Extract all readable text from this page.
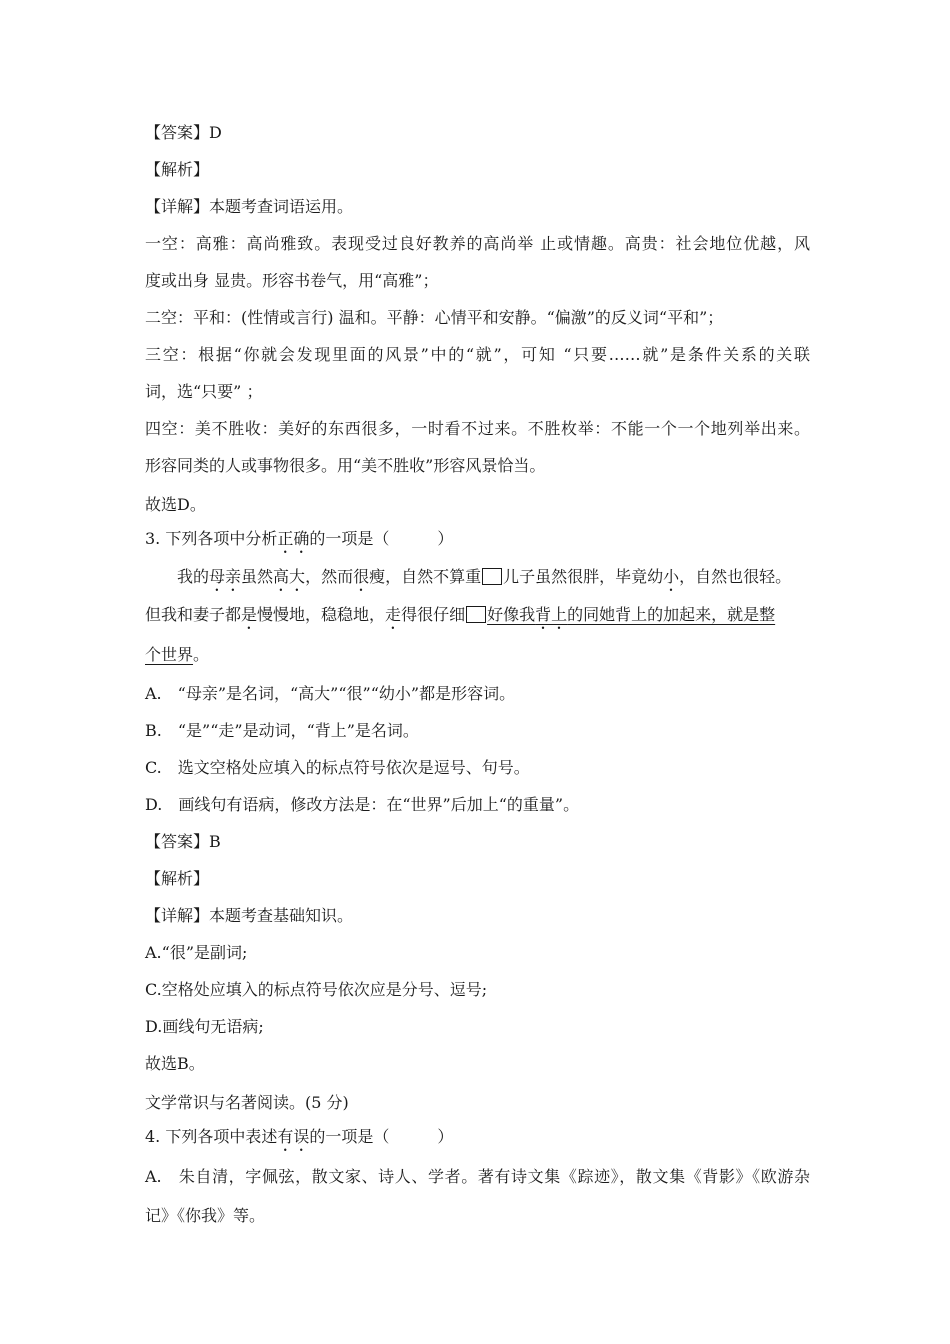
【答案】D
【解析】
【详解】本题考查词语运用。
一空：高雅：高尚雅致。表现受过良好教养的高尚举 止或情趣。高贵：社会地位优越，风
度或出身 显贵。形容书卷气，用“高雅”；
二空：平和：(性情或言行) 温和。平静：心情平和安静。“偏激”的反义词“平和”；
三空：根据“你就会发现里面的风景”中的“就”，可知 “只要……就”是条件关系的关联
词，选“只要” ；
四空：美不胜收：美好的东西很多，一时看不过来。不胜枚举：不能一个一个地列举出来。
形容同类的人或事物很多。用“美不胜收”形容风景恰当。
故选D。
3. 下列各项中分析正确的一项是（　　　）
我的母亲虽然高大，然而很瘦，自然不算重 儿子虽然很胖，毕竟幼小，自然也很轻。
但我和妻子都是慢慢地，稳稳地，走得很仔细 好像我背上的同她背上的加起来，就是整
个世界。
A.　“母亲”是名词，“高大”“很”“幼小”都是形容词。
B.　“是”“走”是动词，“背上”是名词。
C.　选文空格处应填入的标点符号依次是逗号、句号。
D.　画线句有语病，修改方法是：在“世界”后加上“的重量”。
【答案】B
【解析】
【详解】本题考查基础知识。
A.“很”是副词;
C.空格处应填入的标点符号依次应是分号、逗号;
D.画线句无语病;
故选B。
文学常识与名著阅读。(5 分)
4. 下列各项中表述有误的一项是（　　　）
A.　朱自清，字佩弦，散文家、诗人、学者。著有诗文集《踪迹》，散文集《背影》《欧游杂
记》《你我》等。
